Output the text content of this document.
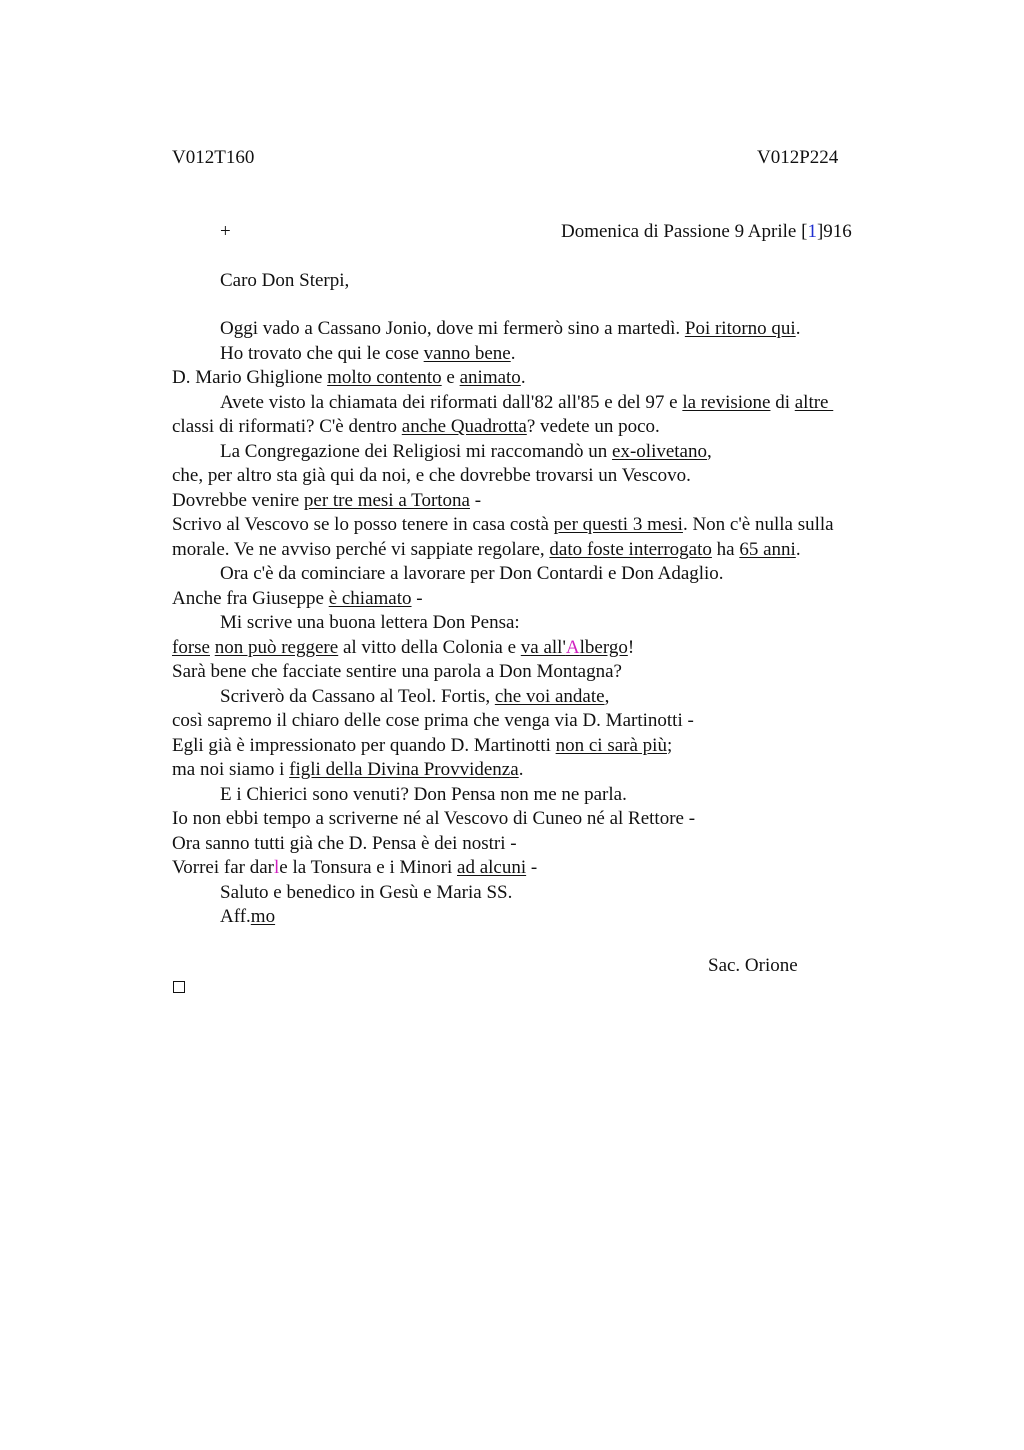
V012T160	V012P224
+	Domenica di Passione 9 Aprile [1]916
Caro Don Sterpi,
Oggi vado a Cassano Jonio, dove mi fermerò sino a martedì. Poi ritorno qui.
Ho trovato che qui le cose vanno bene.
D. Mario Ghiglione molto contento e animato.
Avete visto la chiamata dei riformati dall'82 all'85 e del 97 e la revisione di altre
classi di riformati? C'è dentro anche Quadrotta? vedete un poco.
La Congregazione dei Religiosi mi raccomandò un ex-olivetano,
che, per altro sta già qui da noi, e che dovrebbe trovarsi un Vescovo.
Dovrebbe venire per tre mesi a Tortona -
Scrivo al Vescovo se lo posso tenere in casa costà per questi 3 mesi. Non c'è nulla sulla
morale. Ve ne avviso perché vi sappiate regolare, dato foste interrogato ha 65 anni.
Ora c'è da cominciare a lavorare per Don Contardi e Don Adaglio.
Anche fra Giuseppe è chiamato -
Mi scrive una buona lettera Don Pensa:
forse non può reggere al vitto della Colonia e va all'Albergo!
Sarà bene che facciate sentire una parola a Don Montagna?
Scriverò da Cassano al Teol. Fortis, che voi andate,
così sapremo il chiaro delle cose prima che venga via D. Martinotti -
Egli già è impressionato per quando D. Martinotti non ci sarà più;
ma noi siamo i figli della Divina Provvidenza.
E i Chierici sono venuti? Don Pensa non me ne parla.
Io non ebbi tempo a scriverne né al Vescovo di Cuneo né al Rettore -
Ora sanno tutti già che D. Pensa è dei nostri -
Vorrei far darle la Tonsura e i Minori ad alcuni -
Saluto e benedico in Gesù e Maria SS.
Aff.mo
Sac. Orione
